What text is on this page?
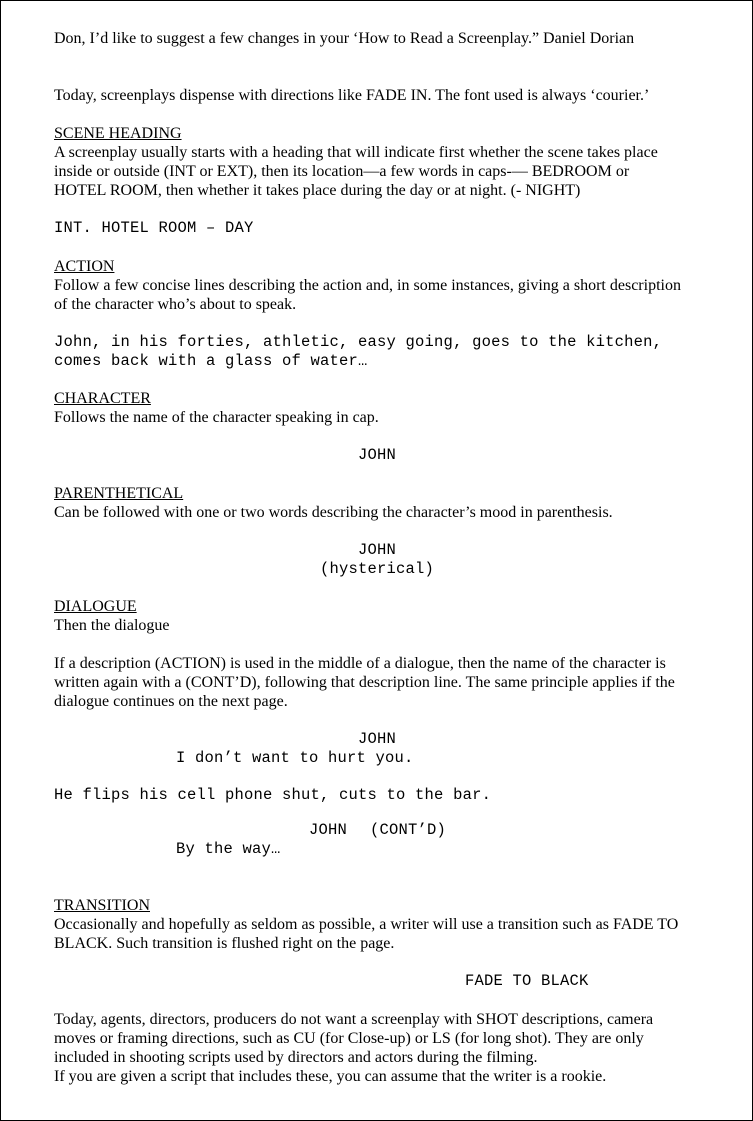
Don, I’d like to suggest a few changes in your ‘How to Read a Screenplay.” Daniel Dorian

Today, screenplays dispense with directions like FADE IN. The font used is always ‘courier.’

SCENE HEADING

A screenplay usually starts with a heading that will indicate first whether the scene takes place

inside or outside (INT or EXT), then its location—a few words in caps-— BEDROOM or

HOTEL ROOM, then whether it takes place during the day or at night. (- NIGHT)

INT. HOTEL ROOM – DAY

ACTION

Follow a few concise lines describing the action and, in some instances, giving a short description

of the character who’s about to speak.

John, in his forties, athletic, easy going, goes to the kitchen,

comes back with a glass of water…

CHARACTER

Follows the name of the character speaking in cap.

JOHN

PARENTHETICAL

Can be followed with one or two words describing the character’s mood in parenthesis.

JOHN

(hysterical)

DIALOGUE

Then the dialogue

If a description (ACTION) is used in the middle of a dialogue, then the name of the character is

written again with a (CONT’D), following that description line. The same principle applies if the

dialogue continues on the next page.

JOHN

I don’t want to hurt you.

He flips his cell phone shut, cuts to the bar.

JOHN (CONT’D)

By the way…

TRANSITION

Occasionally and hopefully as seldom as possible, a writer will use a transition such as FADE TO

BLACK. Such transition is flushed right on the page.

FADE TO BLACK

Today, agents, directors, producers do not want a screenplay with SHOT descriptions, camera

moves or framing directions, such as CU (for Close-up) or LS (for long shot). They are only

included in shooting scripts used by directors and actors during the filming.

If you are given a script that includes these, you can assume that the writer is a rookie.
